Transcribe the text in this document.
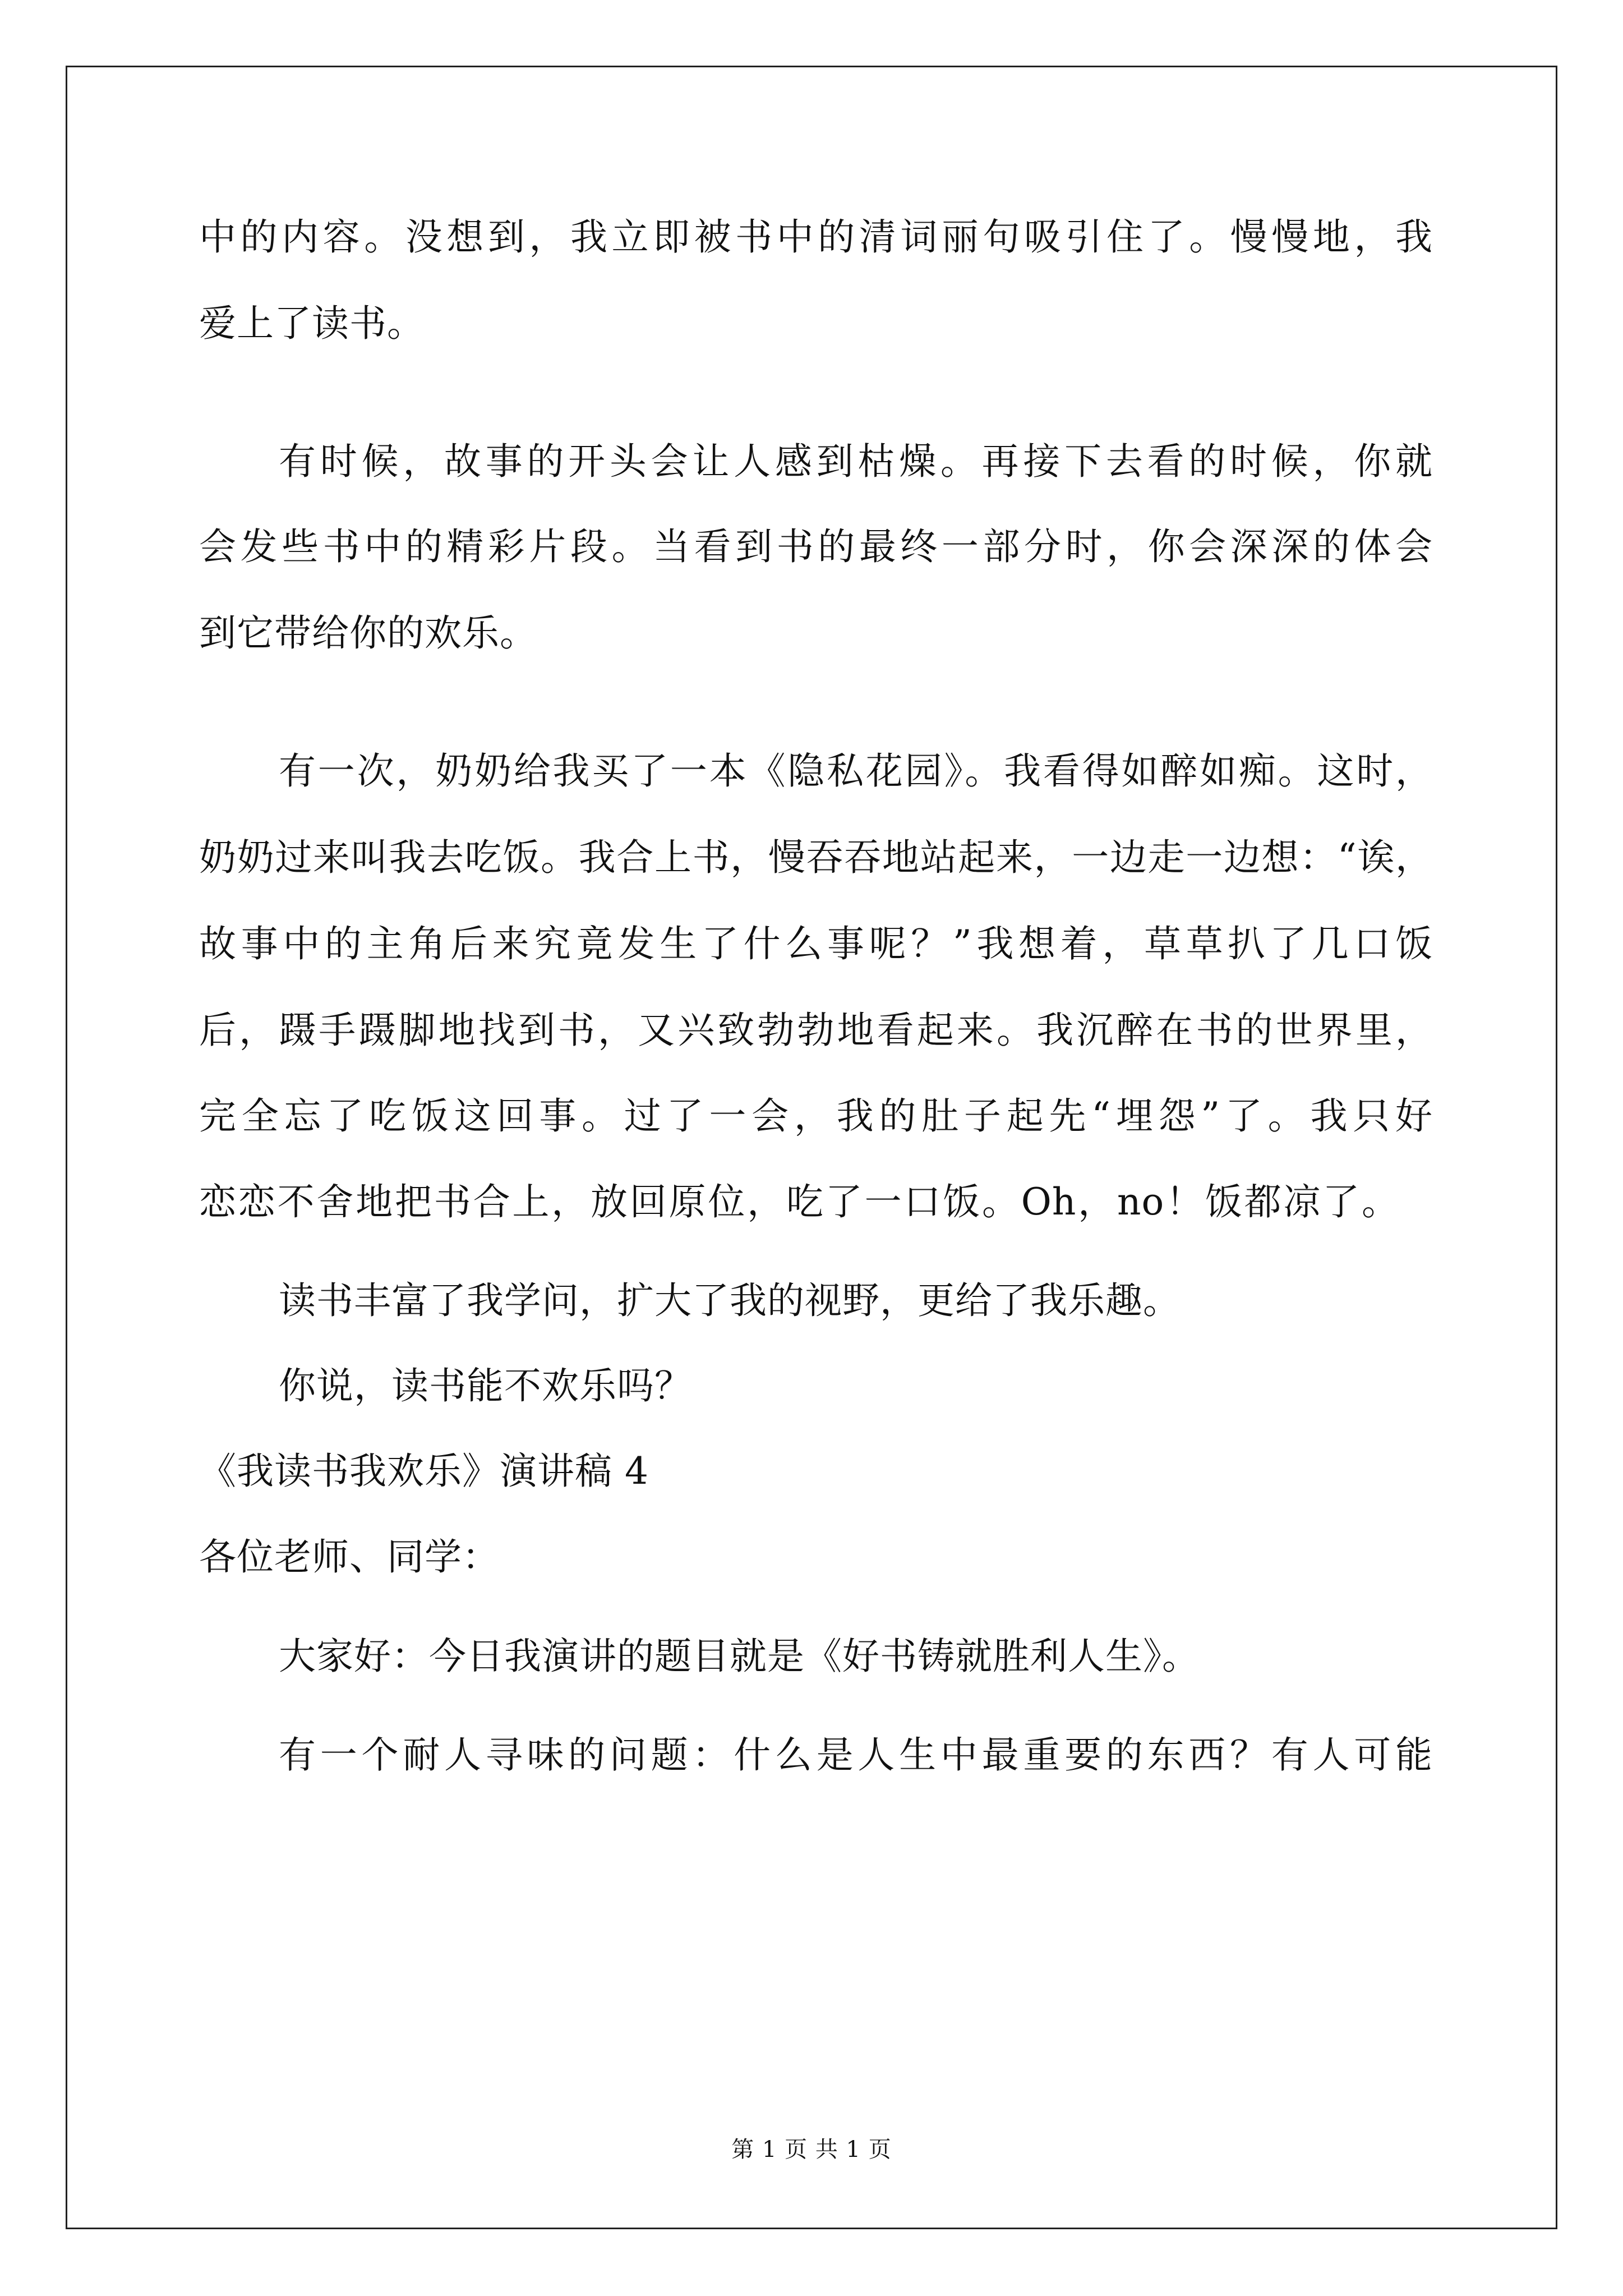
中的内容。没想到，我立即被书中的清词丽句吸引住了。慢慢地，我
爱上了读书。
有时候，故事的开头会让人感到枯燥。再接下去看的时候，你就
会发些书中的精彩片段。当看到书的最终一部分时，你会深深的体会
到它带给你的欢乐。
有一次，奶奶给我买了一本《隐私花园》。我看得如醉如痴。这时，
奶奶过来叫我去吃饭。我合上书，慢吞吞地站起来，一边走一边想：“诶，
故事中的主角后来究竟发生了什么事呢？”我想着，草草扒了几口饭
后，蹑手蹑脚地找到书，又兴致勃勃地看起来。我沉醉在书的世界里，
完全忘了吃饭这回事。过了一会，我的肚子起先“埋怨”了。我只好
恋恋不舍地把书合上，放回原位，吃了一口饭。Oh，no！饭都凉了。
读书丰富了我学问，扩大了我的视野，更给了我乐趣。
你说，读书能不欢乐吗？
《我读书我欢乐》演讲稿 4
各位老师、同学：
大家好：今日我演讲的题目就是《好书铸就胜利人生》。
有一个耐人寻味的问题：什么是人生中最重要的东西？有人可能
第 1 页 共 1 页
